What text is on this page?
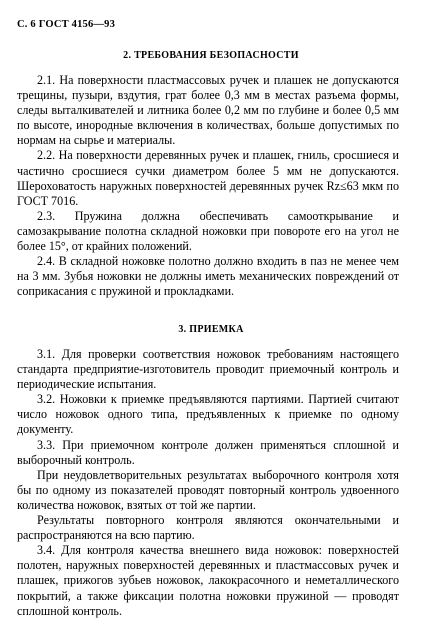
С. 6 ГОСТ 4156—93
2. ТРЕБОВАНИЯ БЕЗОПАСНОСТИ

2.1. На поверхности пластмассовых ручек и плашек не допускаются трещины, пузыри, вздутия, грат более 0,3 мм в местах разъема формы, следы выталкивателей и литника более 0,2 мм по глубине и более 0,5 мм по высоте, инородные включения в количествах, больше допустимых по нормам на сырье и материалы.

2.2. На поверхности деревянных ручек и плашек, гниль, сросшиеся и частично сросшиеся сучки диаметром более 5 мм не допускаются. Шероховатость наружных поверхностей деревянных ручек Rz≤63 мкм по ГОСТ 7016.

2.3. Пружина должна обеспечивать самооткрывание и самозакрывание полотна складной ножовки при повороте его на угол не более 15°, от крайних положений.

2.4. В складной ножовке полотно должно входить в паз не менее чем на 3 мм. Зубья ножовки не должны иметь механических повреждений от соприкасания с пружиной и прокладками.

3. ПРИЕМКА

3.1. Для проверки соответствия ножовок требованиям настоящего стандарта предприятие-изготовитель проводит приемочный контроль и периодические испытания.

3.2. Ножовки к приемке предъявляются партиями. Партией считают число ножовок одного типа, предъявленных к приемке по одному документу.

3.3. При приемочном контроле должен применяться сплошной и выборочный контроль.

При неудовлетворительных результатах выборочного контроля хотя бы по одному из показателей проводят повторный контроль удвоенного количества ножовок, взятых от той же партии.

Результаты повторного контроля являются окончательными и распространяются на всю партию.

3.4. Для контроля качества внешнего вида ножовок: поверхностей полотен, наружных поверхностей деревянных и пластмассовых ручек и плашек, прижогов зубьев ножовок, лакокрасочного и неметаллического покрытий, а также фиксации полотна ножовки пружиной — проводят сплошной контроль.
